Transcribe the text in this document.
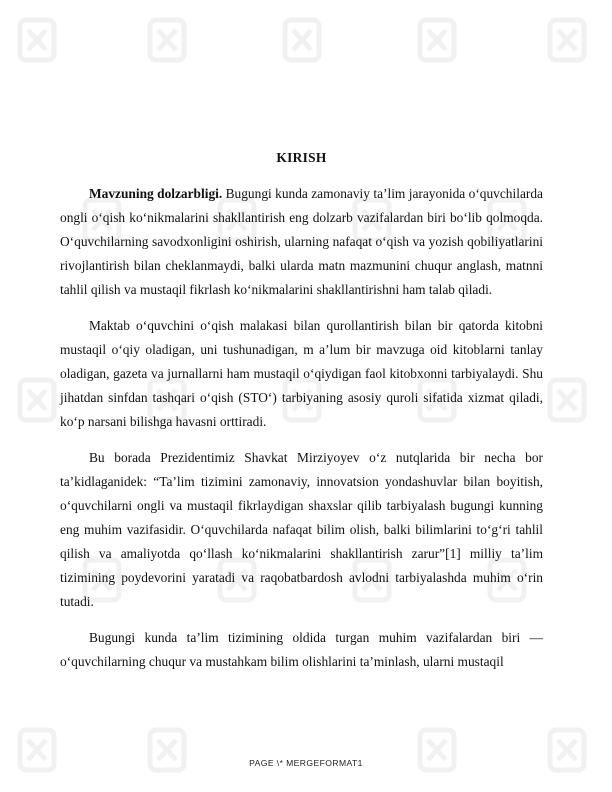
KIRISH

Mavzuning dolzarbligi. Bugungi kunda zamonaviy ta’lim jarayonida o‘quvchilarda ongli o‘qish ko‘nikmalarini shakllantirish eng dolzarb vazifalardan biri bo‘lib qolmoqda. O‘quvchilarning savodxonligini oshirish, ularning nafaqat o‘qish va yozish qobiliyatlarini rivojlantirish bilan cheklanmaydi, balki ularda matn mazmunini chuqur anglash, matnni tahlil qilish va mustaqil fikrlash ko‘nikmalarini shakllantirishni ham talab qiladi.

Maktab o‘quvchini o‘qish malakasi bilan qurollantirish bilan bir qatorda kitobni mustaqil o‘qiy oladigan, uni tushunadigan, m a’lum bir mavzuga oid kitoblarni tanlay oladigan, gazeta va jurnallarni ham mustaqil o‘qiydigan faol kitobxonni tarbiyalaydi. Shu jihatdan sinfdan tashqari o‘qish (STO‘) tarbiyaning asosiy quroli sifatida xizmat qiladi, ko‘p narsani bilishga havasni orttiradi.

Bu borada Prezidentimiz Shavkat Mirziyoyev o‘z nutqlarida bir necha bor ta’kidlaganidek: “Ta’lim tizimini zamonaviy, innovatsion yondashuvlar bilan boyitish, o‘quvchilarni ongli va mustaqil fikrlaydigan shaxslar qilib tarbiyalash bugungi kunning eng muhim vazifasidir. O‘quvchilarda nafaqat bilim olish, balki bilimlarini to‘g‘ri tahlil qilish va amaliyotda qo‘llash ko‘nikmalarini shakllantirish zarur”[1] milliy ta’lim tizimining poydevorini yaratadi va raqobatbardosh avlodni tarbiyalashda muhim o‘rin tutadi.

Bugungi kunda ta’lim tizimining oldida turgan muhim vazifalardan biri — o‘quvchilarning chuqur va mustahkam bilim olishlarini ta’minlash, ularni mustaqil

PAGE \* MERGEFORMAT1
